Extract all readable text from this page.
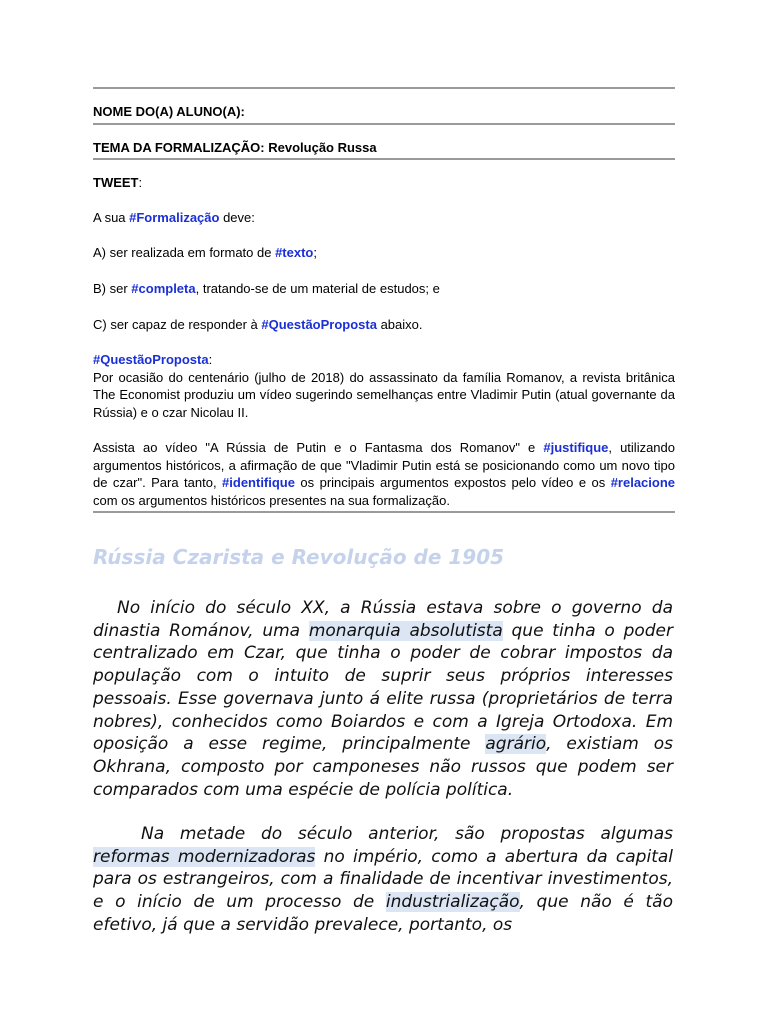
NOME DO(A) ALUNO(A):
TEMA DA FORMALIZAÇÃO: Revolução Russa
TWEET:
A sua #Formalização deve:
A) ser realizada em formato de #texto;
B) ser #completa, tratando-se de um material de estudos; e
C) ser capaz de responder à #QuestãoProposta abaixo.
#QuestãoProposta:
Por ocasião do centenário (julho de 2018) do assassinato da família Romanov, a revista britânica The Economist produziu um vídeo sugerindo semelhanças entre Vladimir Putin (atual governante da Rússia) e o czar Nicolau II.
Assista ao vídeo "A Rússia de Putin e o Fantasma dos Romanov" e #justifique, utilizando argumentos históricos, a afirmação de que "Vladimir Putin está se posicionando como um novo tipo de czar". Para tanto, #identifique os principais argumentos expostos pelo vídeo e os #relacione com os argumentos históricos presentes na sua formalização.
Rússia Czarista e Revolução de 1905
No início do século XX, a Rússia estava sobre o governo da dinastia Románov, uma monarquia absolutista que tinha o poder centralizado em Czar, que tinha o poder de cobrar impostos da população com o intuito de suprir seus próprios interesses pessoais. Esse governava junto á elite russa (proprietários de terra nobres), conhecidos como Boiardos e com a Igreja Ortodoxa. Em oposição a esse regime, principalmente agrário, existiam os Okhrana, composto por camponeses não russos que podem ser comparados com uma espécie de polícia política.
Na metade do século anterior, são propostas algumas reformas modernizadoras no império, como a abertura da capital para os estrangeiros, com a finalidade de incentivar investimentos, e o início de um processo de industrialização, que não é tão efetivo, já que a servidão prevalece, portanto, os
